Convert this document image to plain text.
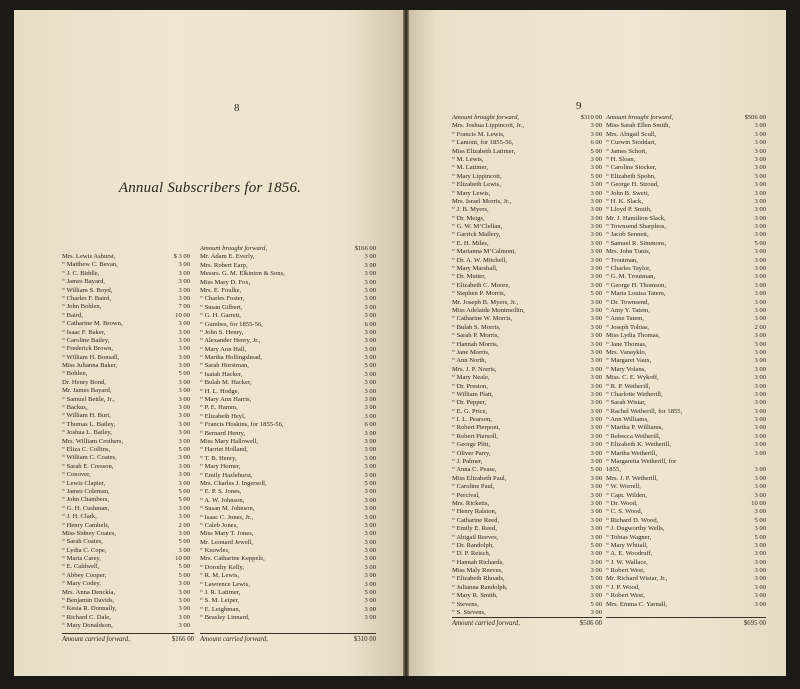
8
Annual Subscribers for 1856.
Mrs. Lewis Ashurst,	$ 3 00
“ Matthew C. Bevan,	3 00
“ J. C. Biddle,	3 00
“ James Bayard,	3 00
“ William S. Boyd,	3 00
“ Charles F. Baird,	3 00
“ John Bohlen,	7 00
“ Baird,	10 00
“ Catharine M. Brown,	3 00
“ Isaac F. Baker,	3 00
“ Caroline Bailey,	3 00
“ Frederick Brown,	3 00
“ William H. Bonsall,	3 00
Miss Julianna Baker,	3 00
“ Bohlen,	5 00
Dr. Henry Bond,	3 00
Mr. James Bayard,	3 00
“ Samuel Bettle, Jr.,	3 00
“ Backus,	3 00
“ William H. Burt,	3 00
“ Thomas L. Bailey,	3 00
“ Joshua L. Bailey,	3 00
Mrs. William Crothers,	3 00
“ Eliza C. Collins,	5 00
“ William C. Coates,	3 00
“ Sarah E. Cresson,	3 00
“ Conover,	3 00
“ Lewis Clapier,	3 00
“ James Coleman,	5 00
“ John Chambers,	5 00
“ G. H. Cushman,	3 00
“ J. H. Clark,	3 00
“ Henry Cambels,	2 00
Miss Sidney Coates,	3 00
“ Sarah Coates,	5 00
“ Lydia C. Cope,	3 00
“ Maria Carey,	10 00
“ E. Caldwell,	5 00
“ Abbey Cooper,	5 00
“ Mary Codey,	3 00
Mrs. Anna Denckla,	3 00
“ Benjamin Davids,	3 00
“ Kesia R. Donnally,	3 00
“ Richard C. Dale,	3 00
“ Mary Donaldson,	3 00
Amount carried forward,	$166 00
Amount brought forward,	$166 00
Mr. Adam E. Everly,	3 00
Mrs. Robert Earp,	3 00
Messrs. G. M. Elkinton & Sons,	3 00
Miss Mary D. Fox,	3 00
Mrs. E. Foulke,	3 00
“ Charles Foster,	3 00
“ Susan Gilbert,	3 00
“ G. H. Garrett,	3 00
“ Gumbes, for 1855-56,	6 00
“ John S. Henry,	3 00
“ Alexander Henry, Jr.,	3 00
“ Mary Ann Hall,	3 00
“ Martha Hollingshead,	3 00
“ Sarah Horstman,	5 00
“ Isaiah Hacker,	3 00
“ Bulah M. Hacker,	3 00
“ H. L. Hodge,	3 00
“ Mary Ann Harris,	3 00
“ P. E. Hamm,	3 00
“ Elizabeth Heyl,	3 00
“ Francis Hoskins, for 1855-56,	6 00
“ Bernard Henry,	3 00
Miss Mary Hallowell,	3 00
“ Harriet Holland,	3 00
“ T. B. Henry,	3 00
“ Mary Horner,	3 00
“ Emily Hazlehurst,	3 00
Mrs. Charles J. Ingersoll,	5 00
“ E. P. S. Jones,	3 00
“ A. W. Johnson,	3 00
“ Susan M. Johnson,	3 00
“ Isaac C. Jones, Jr.,	3 00
“ Caleb Jones,	3 00
Miss Mary T. Jones,	3 00
Mr. Leonard Jewell,	3 00
“ Knowles,	3 00
Mrs. Catharine Keppele,	3 00
“ Dorothy Kelly,	3 00
“ R. M. Lewis,	3 00
“ Lawrence Lewis,	3 00
“ J. R. Latimer,	5 00
“ S. M. Leiper,	3 00
“ E. Leighman,	3 00
“ Beasley Linnard,	3 00
Amount carried forward,	$310 00
9
Amount brought forward,	$310 00
Mrs. Joshua Lippincott, Jr.,	3 00
“ Francis M. Lewis,	3 00
“ Lamont, for 1855-56,	6 00
Miss Elizabeth Latimer,	5 00
“ M. Lewis,	3 00
“ M. Latimer,	3 00
“ Mary Lippincott,	5 00
“ Elizabeth Lewis,	3 00
“ Mary Lewis,	3 00
Mrs. Israel Morris, Jr.,	3 00
“ J. B. Myers,	3 00
“ Dr. Meigs,	3 00
“ G. W. M’Clellan,	3 00
“ Garrick Mallery,	3 00
“ E. H. Miles,	3 00
“ Marianna M’Calmont,	3 00
“ Dr. A. W. Mitchell,	3 00
“ Mary Marshall,	3 00
“ Dr. Mutter,	3 00
“ Elizabeth C. Moore,	3 00
“ Stephen P. Morris,	5 00
Mr. Joseph B. Myers, Jr.,	3 00
Miss Adelaide Montmollin,	3 00
“ Catharine W. Morris,	3 00
“ Bulah S. Morris,	3 00
“ Sarah P. Morris,	3 00
“ Hannah Morris,	3 00
“ Jane Morris,	3 00
“ Ann North,	3 00
Mrs. J. P. Norris,	3 00
“ Mary Neale,	3 00
“ Dr. Preston,	3 00
“ William Platt,	3 00
“ Dr. Pepper,	3 00
“ E. G. Price,	3 00
“ I. L. Pearson,	3 00
“ Robert Pierpont,	3 00
“ Robert Piersoll,	3 00
“ George Plitt,	3 00
“ Oliver Parry,	3 00
“ J. Palmer,	3 00
“ Anna C. Pease,	5 00
Miss Elizabeth Paul,	3 00
“ Caroline Paul,	3 00
“ Percival,	3 00
Mrs. Ricketts,	3 00
“ Henry Ralston,	3 00
“ Catharine Reed,	3 00
“ Emily E. Reed,	3 00
“ Abigail Reeves,	3 00
“ Dr. Randolph,	5 00
“ D. P. Reisch,	3 00
“ Hannah Richards,	3 00
Miss Maly Reeves,	3 00
“ Elizabeth Rhoads,	5 00
“ Julianna Randolph,	3 00
“ Mary R. Smith,	3 00
“ Stevens,	5 00
“ S. Stevens,	3 00
Amount carried forward,	$506 00
Amount brought forward,	$506 00
Miss Sarah Ellen Smith,	3 00
Mrs. Abigail Scull,	3 00
“ Curwin Stoddart,	3 00
“ James Schott,	3 00
“ H. Sloan,	3 00
“ Caroline Stocker,	3 00
“ Elizabeth Spohn,	3 00
“ George H. Stroud,	3 00
“ John B. Swett,	3 00
“ H. K. Slack,	3 00
“ Lloyd P. Smith,	3 00
Mr. J. Hamilton Slack,	3 00
“ Townsend Sharpless,	3 00
“ Jacob Sennett,	3 00
“ Samuel R. Simmons,	5 00
Mrs. John Tunis,	3 00
“ Troutman,	3 00
“ Charles Taylor,	3 00
“ G. M. Troutman,	3 00
“ George H. Thomson,	3 00
“ Maria Louisa Tatem,	3 00
“ Dr. Townsend,	3 00
“ Amy Y. Tatem,	3 00
“ Anne Tatem,	3 00
“ Joseph Tobias,	2 00
Miss Lydia Thomas,	3 00
“ Jane Thomas,	3 00
Mrs. Vanayklo,	3 00
“ Margaret Vaux,	3 00
“ Mary Volans,	3 00
Miss. C. E. Wykoff,	3 00
“ R. P. Wetherill,	3 00
“ Charlotte Wetherill,	3 00
“ Sarah Wistar,	3 00
“ Rachel Wetherill, for 1855,	3 00
“ Ann Williams,	3 00
“ Martha P. Williams,	3 00
“ Rebecca Wetherill,	3 00
“ Elizabeth K. Wetherill,	3 00
“ Martha Wetherill,	3 00
“ Margaretta Wetherill, for
1855,	3 00
Mrs. J. P. Wetherill,	3 00
“ W. Worrell,	3 00
“ Capt. Wilden,	3 00
“ Dr. Wood,	10 00
“ C. S. Wood,	3 00
“ Richard D. Wood,	5 00
“ J. Dugworthy Wells,	3 00
“ Tobias Wagner,	5 00
“ Mary Whitall,	3 00
“ A. E. Woodruff,	3 00
“ J. W. Wallace,	3 00
“ Robert West,	3 00
Mr. Richard Wistar, Jr.,	3 00
“ J. P. Wood,	3 00
“ Robert West,	3 00
Mrs. Emma C. Yarnall,	3 00
$695 00
